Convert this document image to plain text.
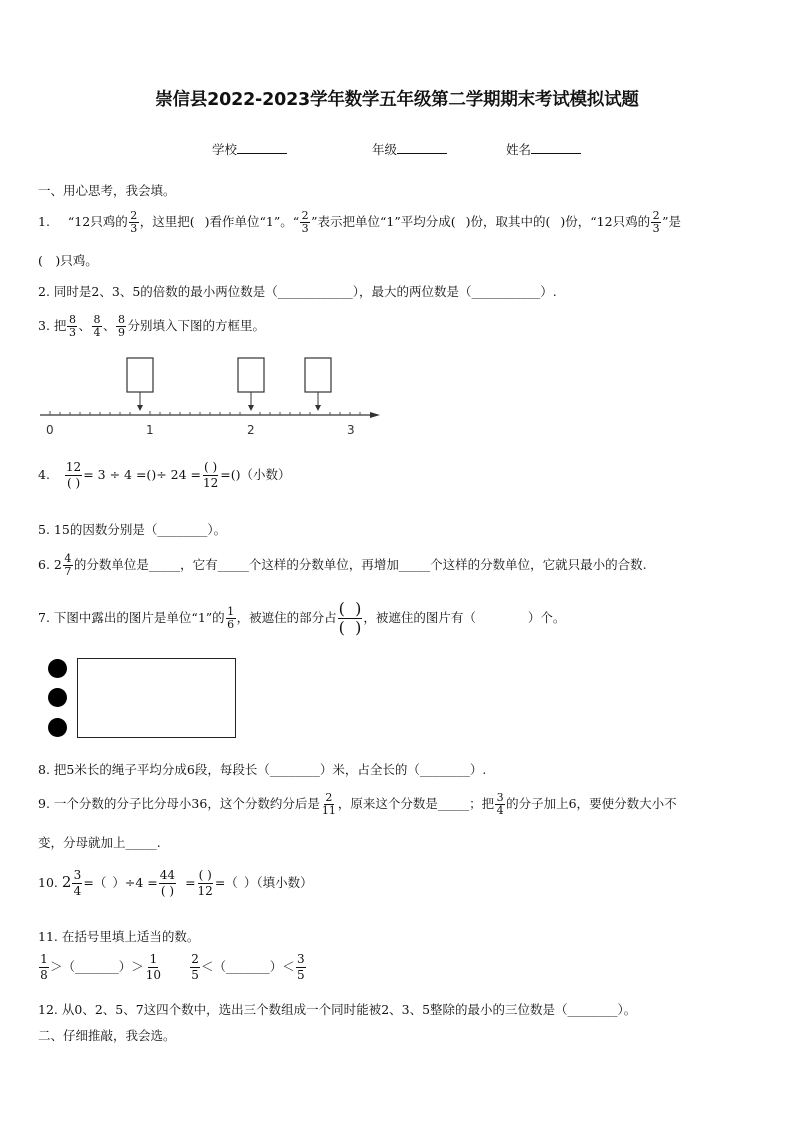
崇信县2022-2023学年数学五年级第二学期期末考试模拟试题
学校	年级	姓名
一、用心思考，我会填。
1. “12只鸡的 $\frac{2}{3}$ ，这里把( )看作单位“1”。“ $\frac{2}{3}$ ”表示把单位“1”平均分成( )份，取其中的( )份，“12只鸡的 $\frac{2}{3}$ ”是
(　)只鸡。
2. 同时是2、3、5的倍数的最小两位数是（____________），最大的两位数是（___________）.
3. 把 $\frac{8}{3}$ 、 $\frac{8}{4}$ 、 $\frac{8}{9}$ 分别填入下图的方框里。
0	1	2	3
4. $\frac{12}{( )} = 3 \div 4$ =()÷ $24 = \frac{( )}{12}$ =()（小数）
5. 15的因数分别是（________）。
6. $2 \frac{4}{7}$ 的分数单位是_____，它有_____个这样的分数单位，再增加_____个这样的分数单位，它就只最小的合数.
7. 下图中露出的图片是单位“1”的 $\frac{1}{6}$ ，被遮住的部分占 $\frac{( )}{( )}$ ，被遮住的图片有（	）个。
8. 把5米长的绳子平均分成6段，每段长（________）米，占全长的（________）.
9. 一个分数的分子比分母小36，这个分数约分后是 $\frac{2}{11}$ ，原来这个分数是_____；把 $\frac{3}{4}$ 的分子加上6，要使分数大小不
变，分母就加上_____.
10. $2 \frac{3}{4}$ =（ ）$\div 4 = \frac{44}{( )} = \frac{( )}{12}$ =（ ）（填小数）
11. 在括号里填上适当的数。
$\frac{1}{8}$ ＞（_______）＞ $\frac{1}{10} \frac{2}{5}$ ＜（_______）＜ $\frac{3}{5}$
12. 从0、2、5、7这四个数中，选出三个数组成一个同时能被2、3、5整除的最小的三位数是（________）。
二、仔细推敲，我会选。
